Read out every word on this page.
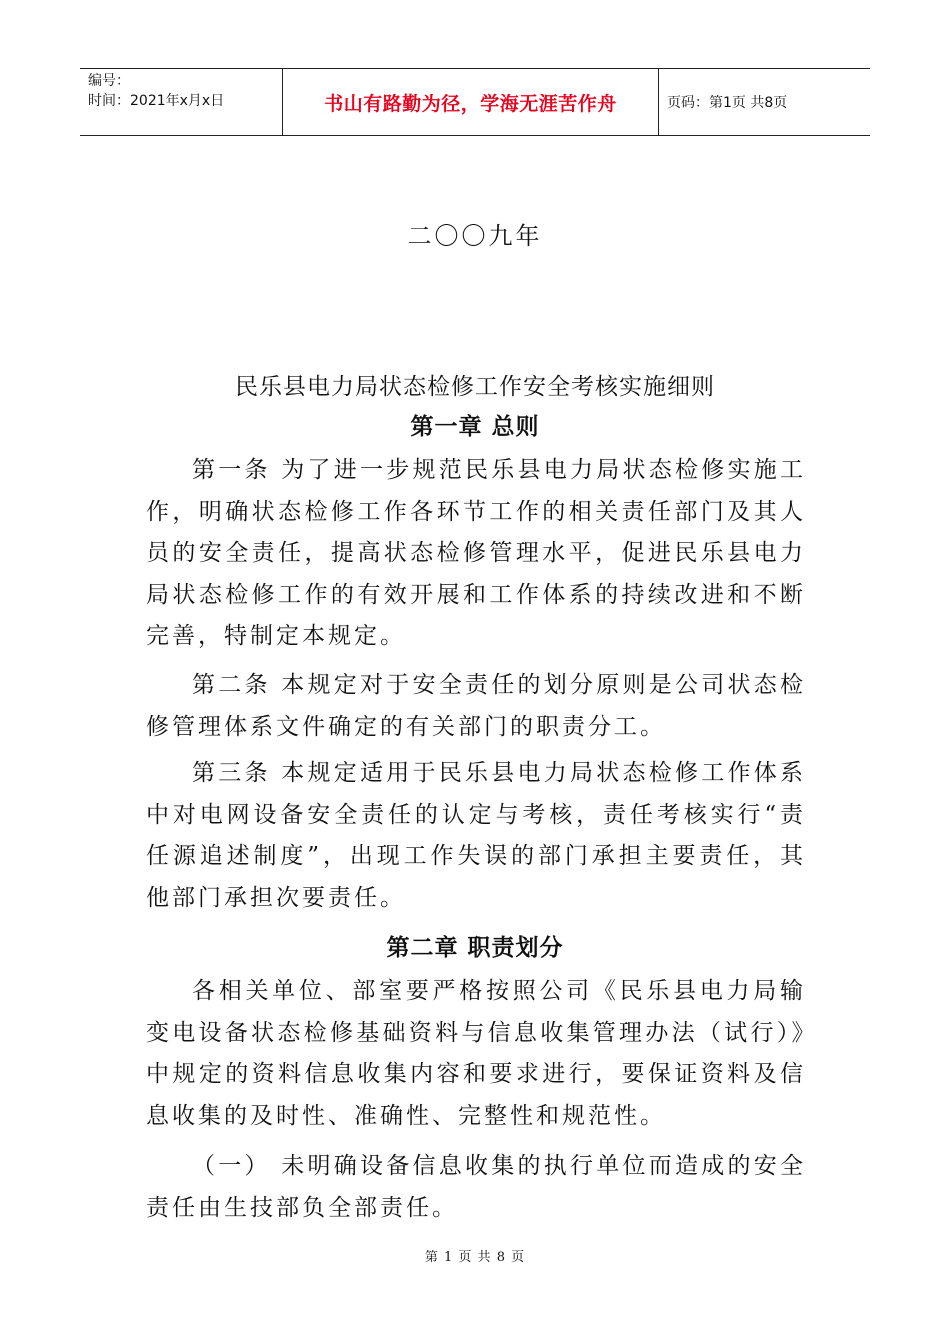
编号：
时间：2021年x月x日	书山有路勤为径，学海无涯苦作舟	页码：第1页 共8页
二〇〇九年
民乐县电力局状态检修工作安全考核实施细则
第一章 总则

第一条 为了进一步规范民乐县电力局状态检修实施工作，明确状态检修工作各环节工作的相关责任部门及其人员的安全责任，提高状态检修管理水平，促进民乐县电力局状态检修工作的有效开展和工作体系的持续改进和不断完善，特制定本规定。

第二条 本规定对于安全责任的划分原则是公司状态检修管理体系文件确定的有关部门的职责分工。

第三条 本规定适用于民乐县电力局状态检修工作体系中对电网设备安全责任的认定与考核，责任考核实行“责任源追述制度”，出现工作失误的部门承担主要责任，其他部门承担次要责任。

第二章 职责划分

各相关单位、部室要严格按照公司《民乐县电力局输变电设备状态检修基础资料与信息收集管理办法（试行）》中规定的资料信息收集内容和要求进行，要保证资料及信息收集的及时性、准确性、完整性和规范性。

（一） 未明确设备信息收集的执行单位而造成的安全责任由生技部负全部责任。

第 1 页 共 8 页
